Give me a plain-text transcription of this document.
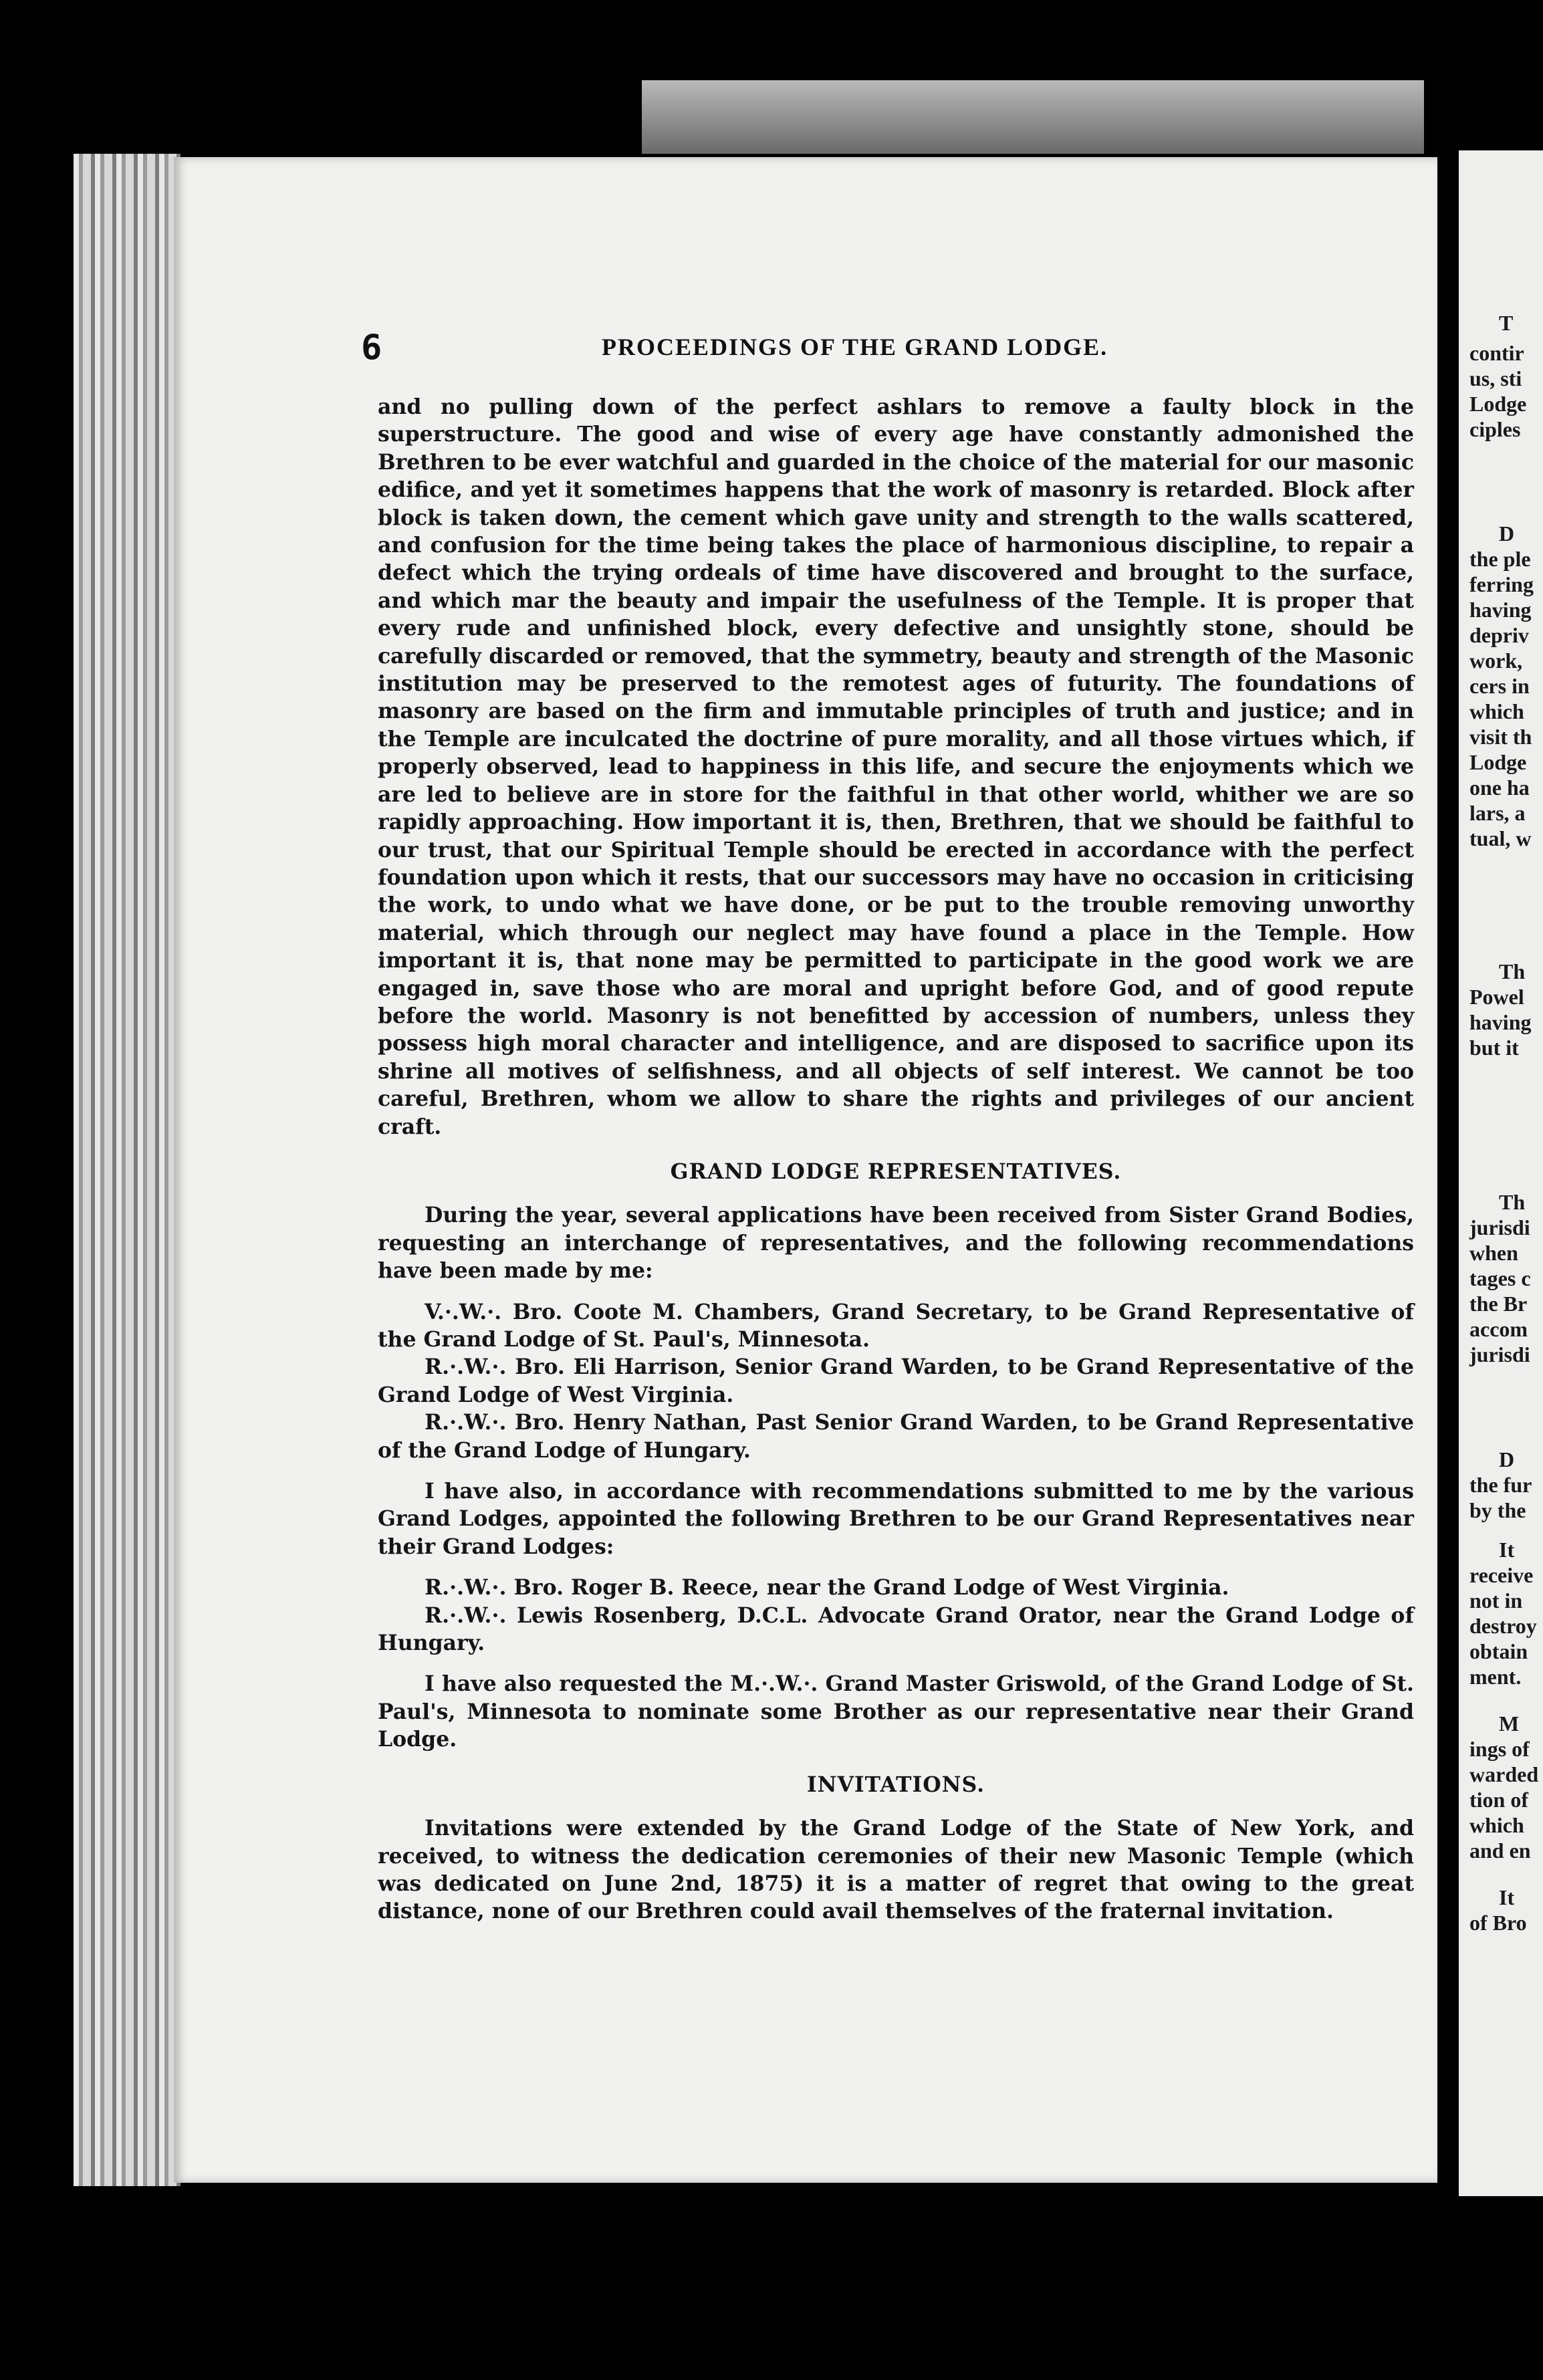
6	PROCEEDINGS OF THE GRAND LODGE.

and no pulling down of the perfect ashlars to remove a faulty block in the superstructure. The good and wise of every age have constantly admonished the Brethren to be ever watchful and guarded in the choice of the material for our masonic edifice, and yet it sometimes happens that the work of masonry is retarded. Block after block is taken down, the cement which gave unity and strength to the walls scattered, and confusion for the time being takes the place of harmonious discipline, to repair a defect which the trying ordeals of time have discovered and brought to the surface, and which mar the beauty and impair the usefulness of the Temple. It is proper that every rude and unfinished block, every defective and unsightly stone, should be carefully discarded or removed, that the symmetry, beauty and strength of the Masonic institution may be preserved to the remotest ages of futurity. The foundations of masonry are based on the firm and immutable principles of truth and justice; and in the Temple are inculcated the doctrine of pure morality, and all those virtues which, if properly observed, lead to happiness in this life, and secure the enjoyments which we are led to believe are in store for the faithful in that other world, whither we are so rapidly approaching. How important it is, then, Brethren, that we should be faithful to our trust, that our Spiritual Temple should be erected in accordance with the perfect foundation upon which it rests, that our successors may have no occasion in criticising the work, to undo what we have done, or be put to the trouble removing unworthy material, which through our neglect may have found a place in the Temple. How important it is, that none may be permitted to participate in the good work we are engaged in, save those who are moral and upright before God, and of good repute before the world. Masonry is not benefitted by accession of numbers, unless they possess high moral character and intelligence, and are disposed to sacrifice upon its shrine all motives of selfishness, and all objects of self interest. We cannot be too careful, Brethren, whom we allow to share the rights and privileges of our ancient craft.

GRAND LODGE REPRESENTATIVES.

During the year, several applications have been received from Sister Grand Bodies, requesting an interchange of representatives, and the following recommendations have been made by me:

V.·.W.·. Bro. Coote M. Chambers, Grand Secretary, to be Grand Representative of the Grand Lodge of St. Paul's, Minnesota.

R.·.W.·. Bro. Eli Harrison, Senior Grand Warden, to be Grand Representative of the Grand Lodge of West Virginia.

R.·.W.·. Bro. Henry Nathan, Past Senior Grand Warden, to be Grand Representative of the Grand Lodge of Hungary.

I have also, in accordance with recommendations submitted to me by the various Grand Lodges, appointed the following Brethren to be our Grand Representatives near their Grand Lodges:

R.·.W.·. Bro. Roger B. Reece, near the Grand Lodge of West Virginia.

R.·.W.·. Lewis Rosenberg, D.C.L. Advocate Grand Orator, near the Grand Lodge of Hungary.

I have also requested the M.·.W.·. Grand Master Griswold, of the Grand Lodge of St. Paul's, Minnesota to nominate some Brother as our representative near their Grand Lodge.

INVITATIONS.

Invitations were extended by the Grand Lodge of the State of New York, and received, to witness the dedication ceremonies of their new Masonic Temple (which was dedicated on June 2nd, 1875) it is a matter of regret that owing to the great distance, none of our Brethren could avail themselves of the fraternal invitation.

T
contir
us, sti
Lodge
ciples
D
the ple
ferring
having
depriv
work,
cers in
which
visit th
Lodge
one ha
lars, a
tual, w
Th
Powel
having
but it
Th
jurisdi
when
tages c
the Br
accom
jurisdi
D
the fur
by the
It
receive
not in
destroy
obtain
ment.
M
ings of
warded
tion of
which
and en
It
of Bro
